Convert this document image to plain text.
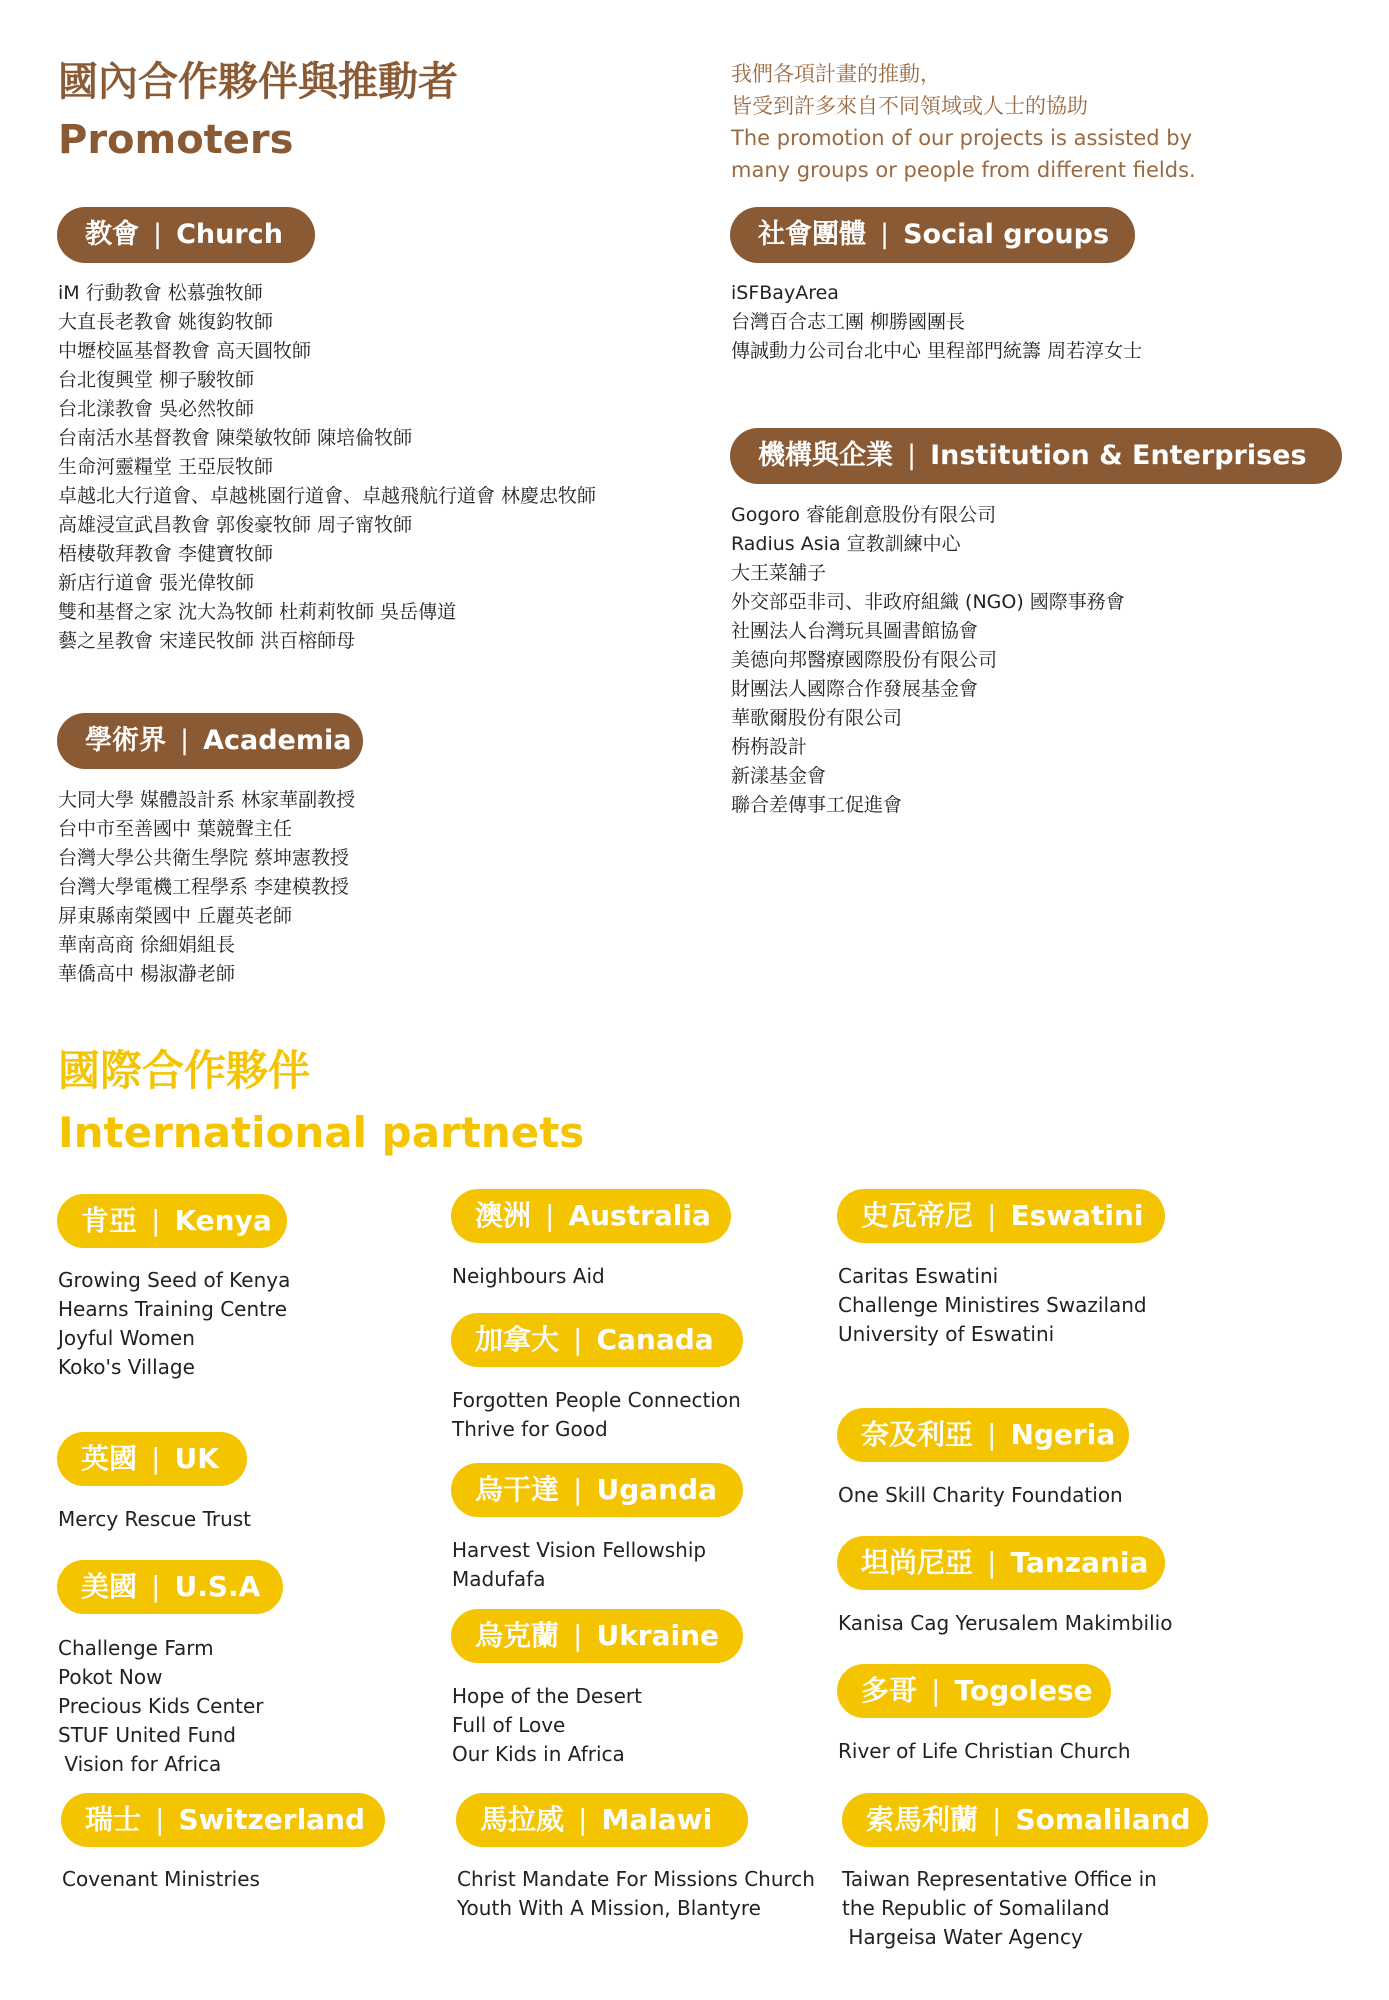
國內合作夥伴與推動者
Promoters
我們各項計畫的推動，
皆受到許多來自不同領域或人士的協助
The promotion of our projects is assisted by
many groups or people from different fields.
教會 | Church
iM 行動教會 松慕強牧師
大直長老教會 姚復鈞牧師
中壢校區基督教會 高天圓牧師
台北復興堂 柳子駿牧師
台北漾教會 吳必然牧師
台南活水基督教會 陳榮敏牧師 陳培倫牧師
生命河靈糧堂 王亞辰牧師
卓越北大行道會、卓越桃園行道會、卓越飛航行道會 林慶忠牧師
高雄浸宣武昌教會 郭俊豪牧師 周子甯牧師
梧棲敬拜教會 李健寶牧師
新店行道會 張光偉牧師
雙和基督之家 沈大為牧師 杜莉莉牧師 吳岳傳道
藝之星教會 宋達民牧師 洪百榕師母
學術界 | Academia
大同大學 媒體設計系 林家華副教授
台中市至善國中 葉競聲主任
台灣大學公共衛生學院 蔡坤憲教授
台灣大學電機工程學系 李建模教授
屏東縣南榮國中 丘麗英老師
華南高商 徐細娟組長
華僑高中 楊淑瀞老師
社會團體 | Social groups
iSFBayArea
台灣百合志工團 柳勝國團長
傳誠動力公司台北中心 里程部門統籌 周若淳女士
機構與企業 | Institution & Enterprises
Gogoro 睿能創意股份有限公司
Radius Asia 宣教訓練中心
大王菜舖子
外交部亞非司、非政府組織 (NGO) 國際事務會
社團法人台灣玩具圖書館協會
美德向邦醫療國際股份有限公司
財團法人國際合作發展基金會
華歌爾股份有限公司
栴栴設計
新漾基金會
聯合差傳事工促進會
國際合作夥伴
International partnets
肯亞 | Kenya
Growing Seed of Kenya
Hearns Training Centre
Joyful Women
Koko's Village
英國 | UK
Mercy Rescue Trust
美國 | U.S.A
Challenge Farm
Pokot Now
Precious Kids Center
STUF United Fund
Vision for Africa
瑞士 | Switzerland
Covenant Ministries
澳洲 | Australia
Neighbours Aid
加拿大 | Canada
Forgotten People Connection
Thrive for Good
烏干達 | Uganda
Harvest Vision Fellowship
Madufafa
烏克蘭 | Ukraine
Hope of the Desert
Full of Love
Our Kids in Africa
馬拉威 | Malawi
Christ Mandate For Missions Church
Youth With A Mission, Blantyre
史瓦帝尼 | Eswatini
Caritas Eswatini
Challenge Ministires Swaziland
University of Eswatini
奈及利亞 | Ngeria
One Skill Charity Foundation
坦尚尼亞 | Tanzania
Kanisa Cag Yerusalem Makimbilio
多哥 | Togolese
River of Life Christian Church
索馬利蘭 | Somaliland
Taiwan Representative Office in
the Republic of Somaliland
Hargeisa Water Agency
